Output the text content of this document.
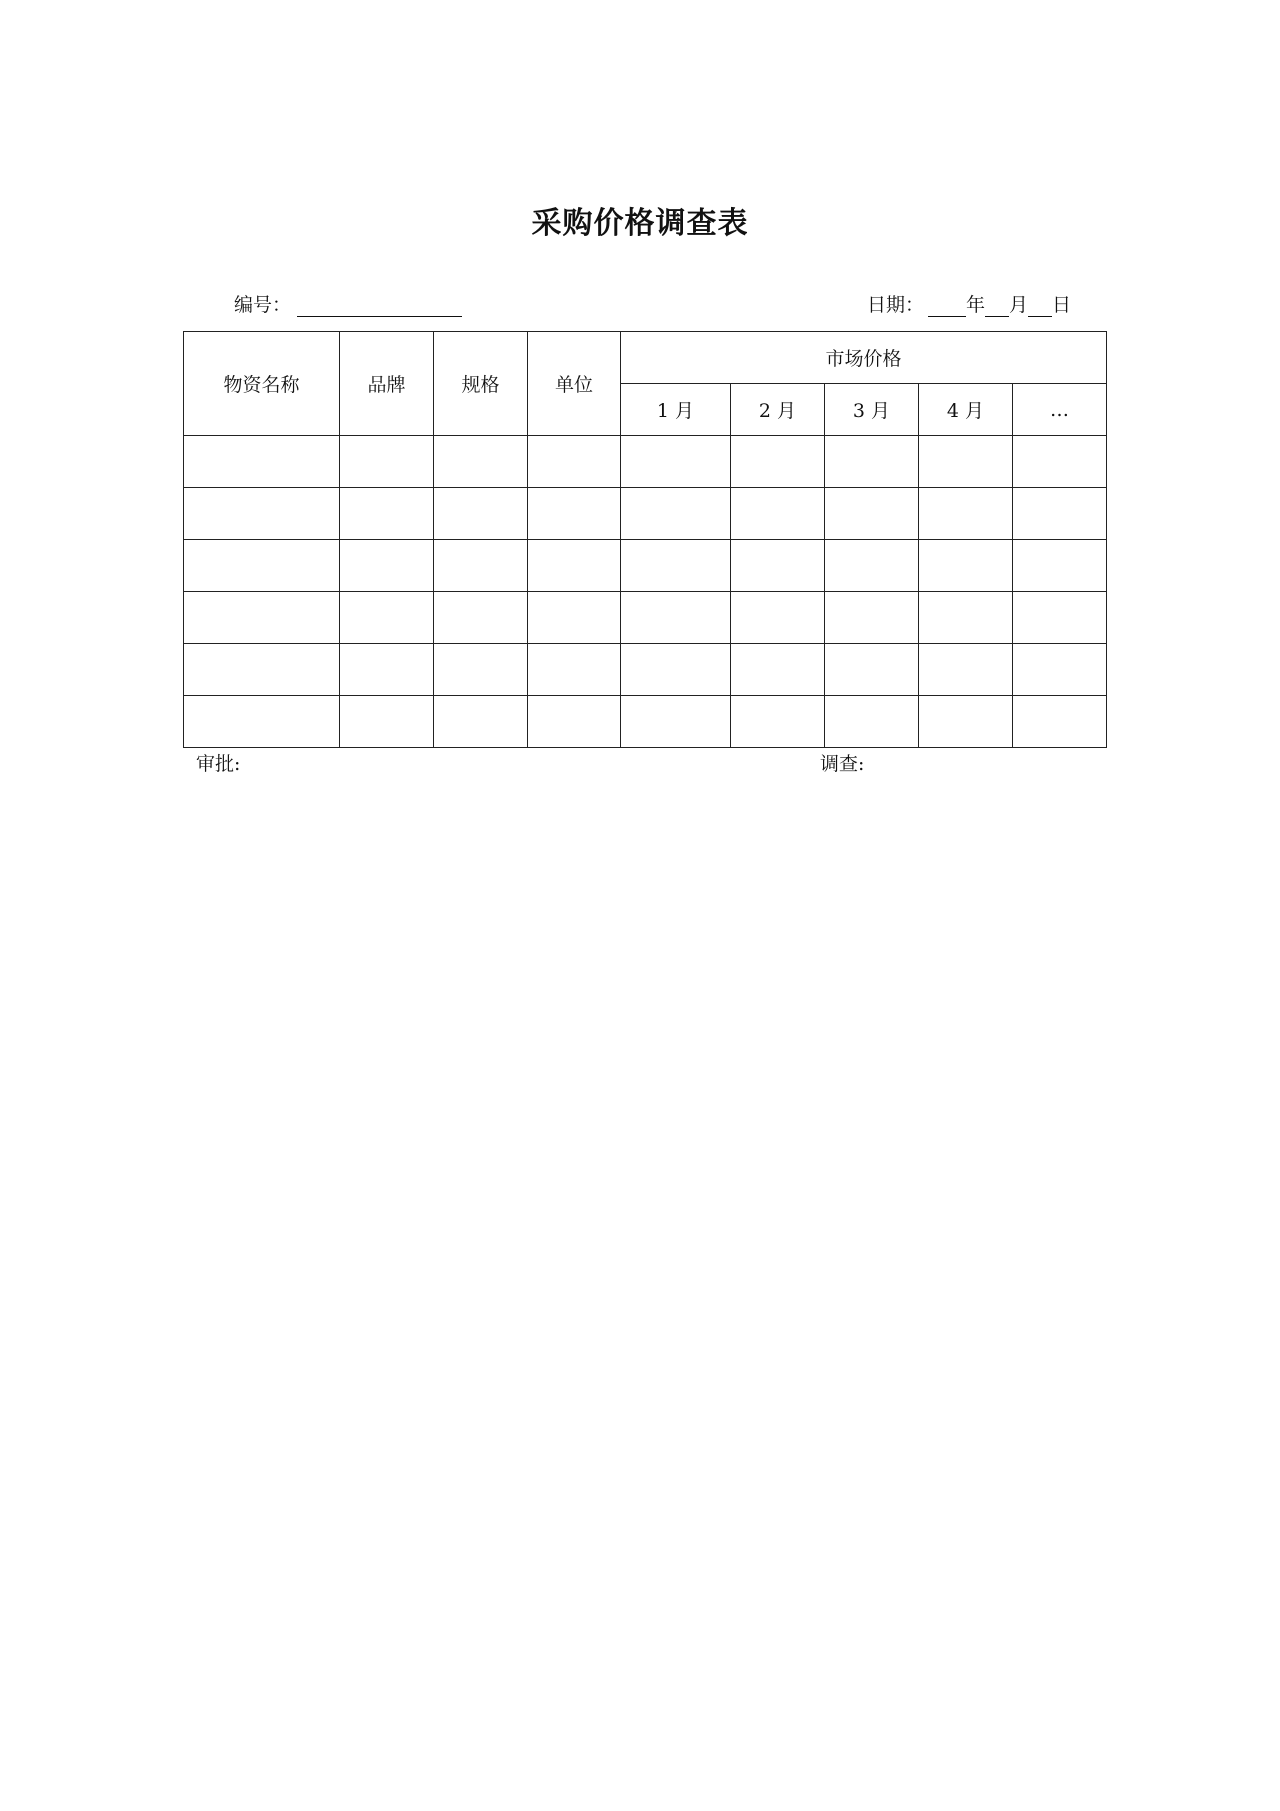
采购价格调查表
编号：	日期： 年 月 日
物资名称	品牌	规格	单位	市场价格				
				1 月	2 月	3 月	4 月	…

审批:	调查:
